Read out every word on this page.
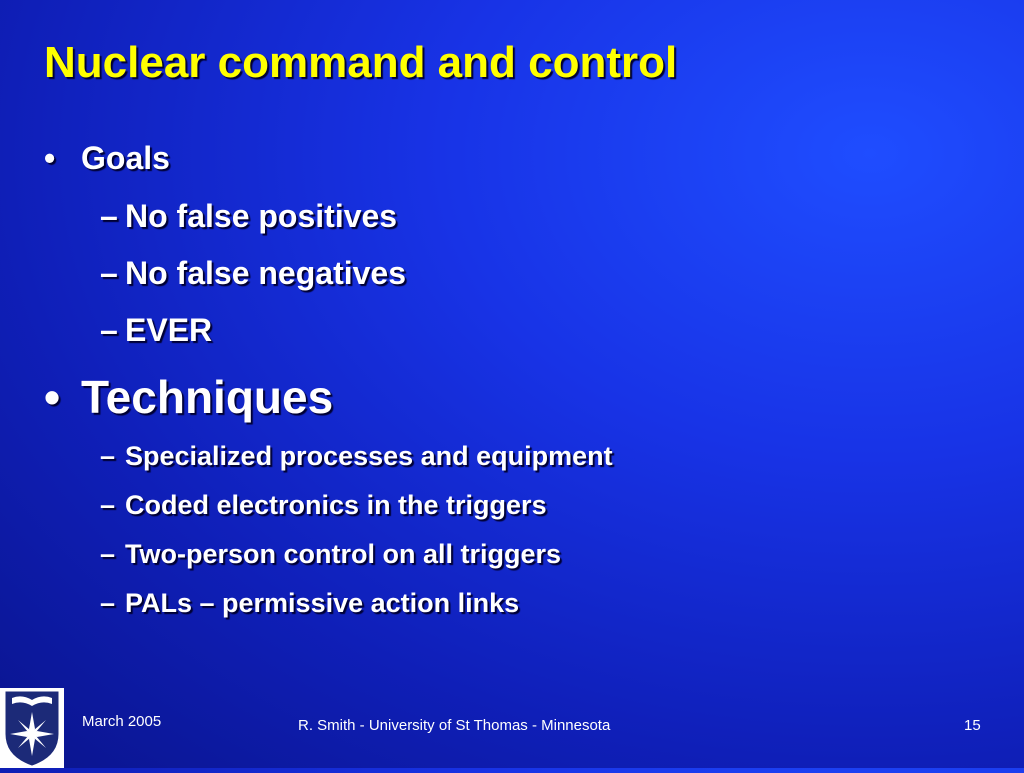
Nuclear command and control
• Goals
– No false positives
– No false negatives
– EVER
• Techniques
– Specialized processes and equipment
– Coded electronics in the triggers
– Two-person control on all triggers
– PALs – permissive action links
March 2005	R. Smith - University of St Thomas - Minnesota	15
